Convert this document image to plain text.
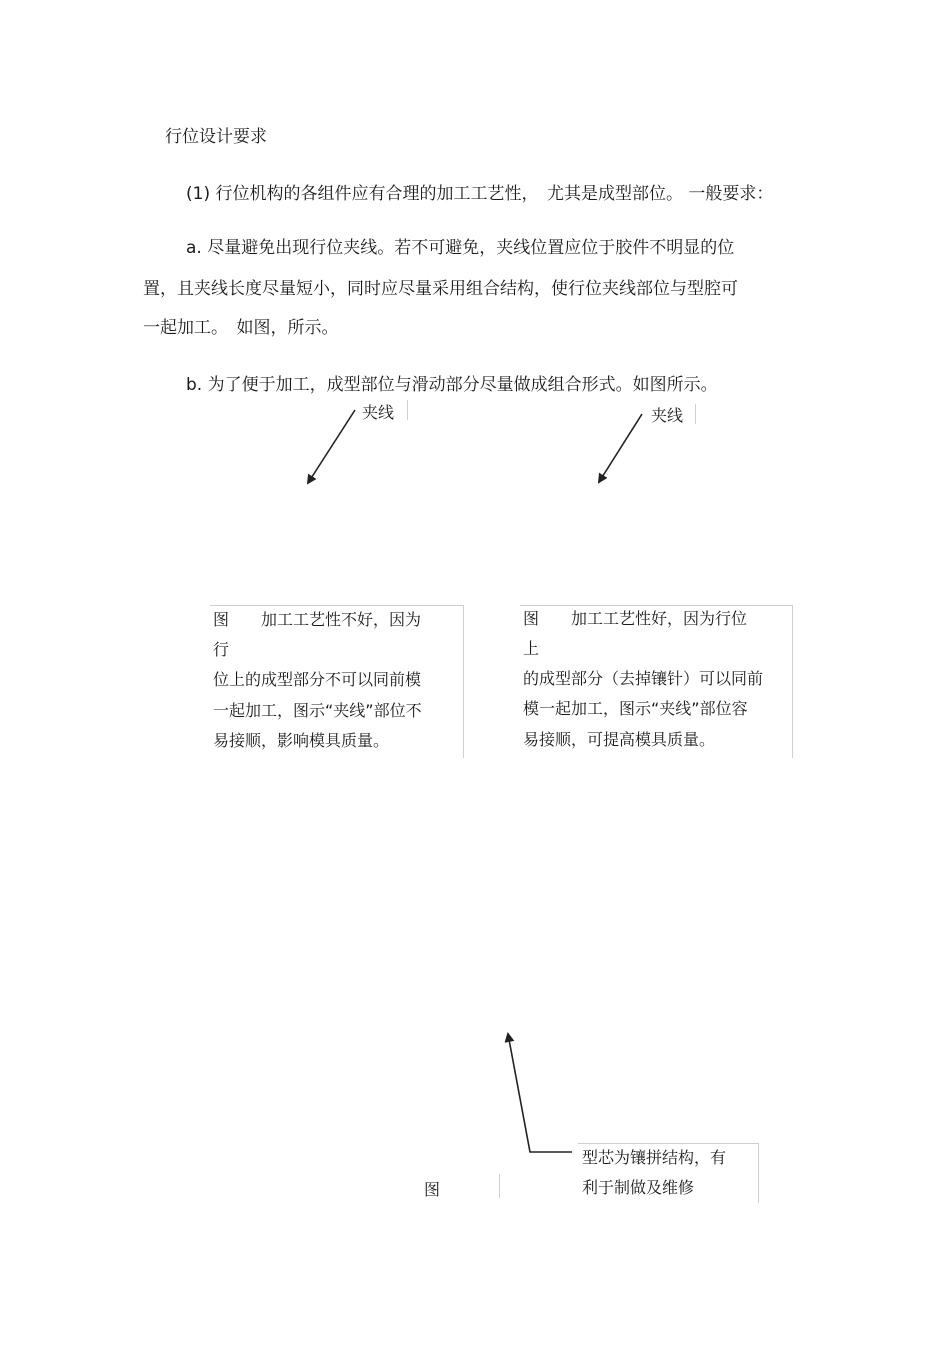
行位设计要求
(1) 行位机构的各组件应有合理的加工工艺性，　尤其是成型部位。 一般要求：
a. 尽量避免出现行位夹线。若不可避免，夹线位置应位于胶件不明显的位
置，且夹线长度尽量短小，同时应尽量采用组合结构，使行位夹线部位与型腔可
一起加工。　如图，所示。
b. 为了便于加工，成型部位与滑动部分尽量做成组合形式。如图所示。
夹线	夹线
图　　加工工艺性不好，因为
行
位上的成型部分不可以同前模
一起加工，图示“夹线”部位不
易接顺，影响模具质量。
图　　加工工艺性好，因为行位
上
的成型部分（去掉镶针）可以同前
模一起加工，图示“夹线”部位容
易接顺，可提高模具质量。
图
型芯为镶拼结构，有
利于制做及维修
